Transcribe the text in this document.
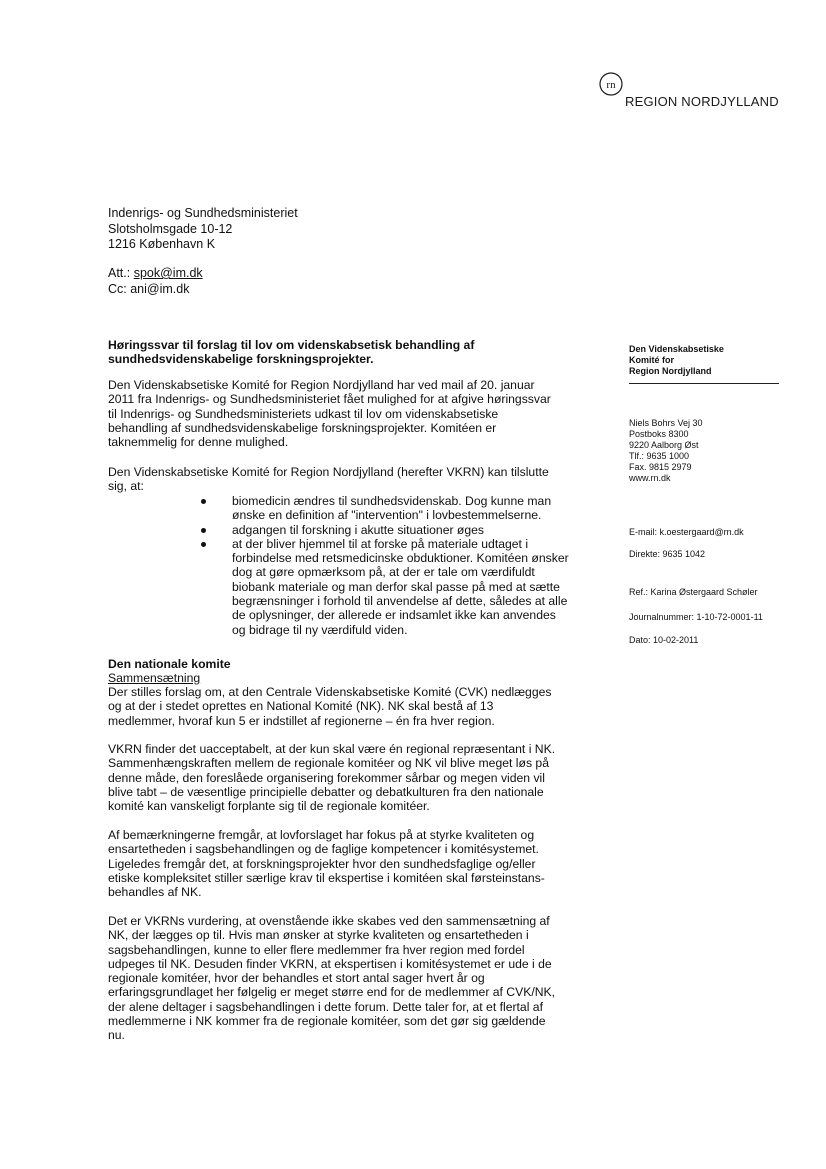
rn
REGION NORDJYLLAND
Indenrigs- og Sundhedsministeriet
Slotsholmsgade 10-12
1216 København K
Att.: spok@im.dk
Cc: ani@im.dk

Høringssvar til forslag til lov om videnskabsetisk behandling af

sundhedsvidenskabelige forskningsprojekter.

Den Videnskabsetiske Komité for Region Nordjylland har ved mail af 20. januar

2011 fra Indenrigs- og Sundhedsministeriet fået mulighed for at afgive høringssvar

til Indenrigs- og Sundhedsministeriets udkast til lov om videnskabsetiske

behandling af sundhedsvidenskabelige forskningsprojekter. Komitéen er

taknemmelig for denne mulighed.

Den Videnskabsetiske Komité for Region Nordjylland (herefter VKRN) kan tilslutte

sig, at:

biomedicin ændres til sundhedsvidenskab. Dog kunne man
ønske en definition af "intervention" i lovbestemmelserne.
adgangen til forskning i akutte situationer øges
at der bliver hjemmel til at forske på materiale udtaget i
forbindelse med retsmedicinske obduktioner. Komitéen ønsker
dog at gøre opmærksom på, at der er tale om værdifuldt
biobank materiale og man derfor skal passe på med at sætte
begrænsninger i forhold til anvendelse af dette, således at alle
de oplysninger, der allerede er indsamlet ikke kan anvendes
og bidrage til ny værdifuld viden.
Den nationale komite
Sammensætning

Der stilles forslag om, at den Centrale Videnskabsetiske Komité (CVK) nedlægges

og at der i stedet oprettes en National Komité (NK). NK skal bestå af 13

medlemmer, hvoraf kun 5 er indstillet af regionerne – én fra hver region.

VKRN finder det uacceptabelt, at der kun skal være én regional repræsentant i NK.

Sammenhængskraften mellem de regionale komitéer og NK vil blive meget løs på

denne måde, den foreslåede organisering forekommer sårbar og megen viden vil

blive tabt – de væsentlige principielle debatter og debatkulturen fra den nationale

komité kan vanskeligt forplante sig til de regionale komitéer.

Af bemærkningerne fremgår, at lovforslaget har fokus på at styrke kvaliteten og

ensartetheden i sagsbehandlingen og de faglige kompetencer i komitésystemet.

Ligeledes fremgår det, at forskningsprojekter hvor den sundhedsfaglige og/eller

etiske kompleksitet stiller særlige krav til ekspertise i komitéen skal førsteinstans-

behandles af NK.

Det er VKRNs vurdering, at ovenstående ikke skabes ved den sammensætning af

NK, der lægges op til. Hvis man ønsker at styrke kvaliteten og ensartetheden i

sagsbehandlingen, kunne to eller flere medlemmer fra hver region med fordel

udpeges til NK. Desuden finder VKRN, at ekspertisen i komitésystemet er ude i de

regionale komitéer, hvor der behandles et stort antal sager hvert år og

erfaringsgrundlaget her følgelig er meget større end for de medlemmer af CVK/NK,

der alene deltager i sagsbehandlingen i dette forum. Dette taler for, at et flertal af

medlemmerne i NK kommer fra de regionale komitéer, som det gør sig gældende

nu.

Den Videnskabsetiske
Komité for
Region Nordjylland
Niels Bohrs Vej 30
Postboks 8300
9220 Aalborg Øst
Tlf.: 9635 1000
Fax. 9815 2979
www.rn.dk
E-mail: k.oestergaard@rn.dk
Direkte: 9635 1042
Ref.: Karina Østergaard Schøler
Journalnummer: 1-10-72-0001-11
Dato: 10-02-2011
